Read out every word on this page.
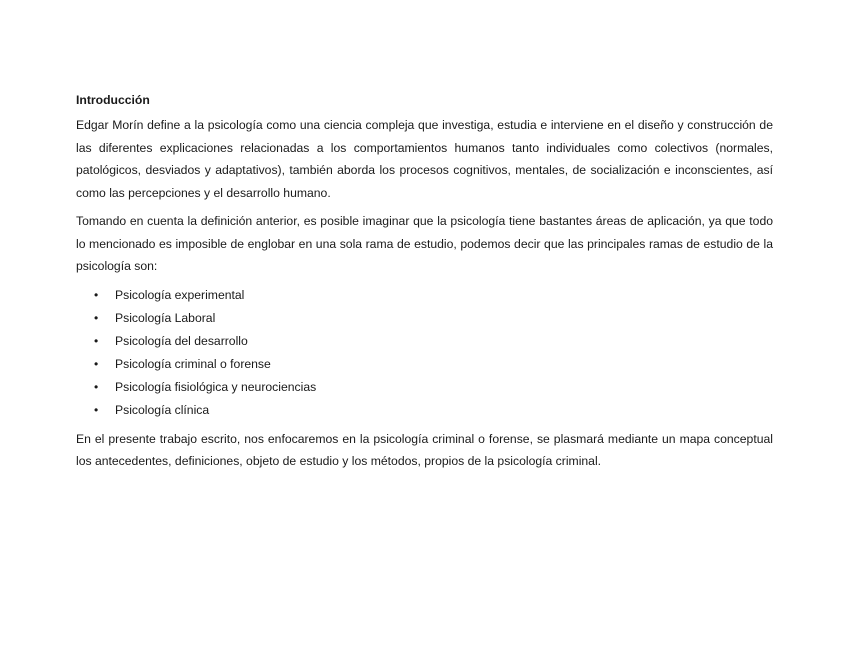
Introducción

Edgar Morín define a la psicología como una ciencia compleja que investiga, estudia e interviene en el diseño y construcción de las diferentes explicaciones relacionadas a los comportamientos humanos tanto individuales como colectivos (normales, patológicos, desviados y adaptativos), también aborda los procesos cognitivos, mentales, de socialización e inconscientes, así como las percepciones y el desarrollo humano.

Tomando en cuenta la definición anterior, es posible imaginar que la psicología tiene bastantes áreas de aplicación, ya que todo lo mencionado es imposible de englobar en una sola rama de estudio, podemos decir que las principales ramas de estudio de la psicología son:

• Psicología experimental
• Psicología Laboral
• Psicología del desarrollo
• Psicología criminal o forense
• Psicología fisiológica y neurociencias
• Psicología clínica

En el presente trabajo escrito, nos enfocaremos en la psicología criminal o forense, se plasmará mediante un mapa conceptual los antecedentes, definiciones, objeto de estudio y los métodos, propios de la psicología criminal.
